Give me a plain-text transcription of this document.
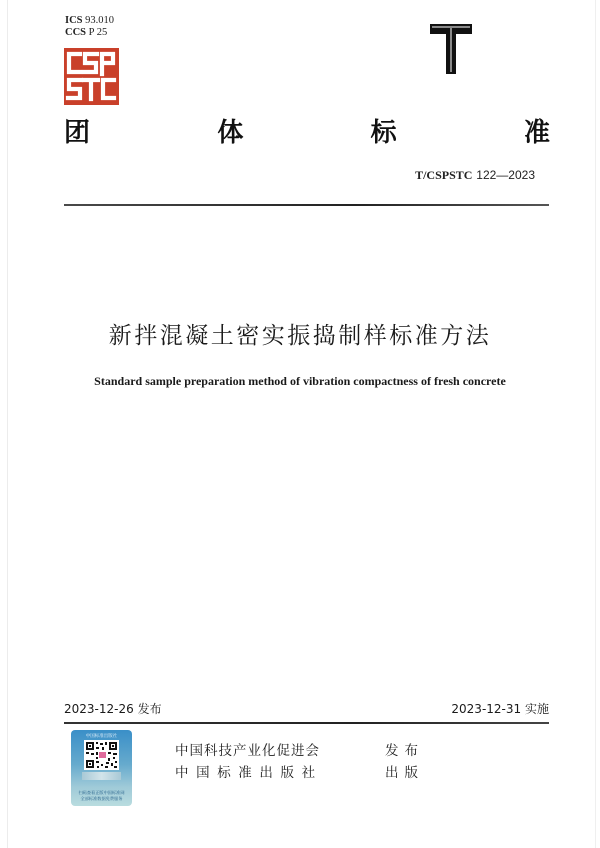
ICS 93.010
CCS P 25
团	体	标	准
T/CSPSTC 122—2023
新拌混凝土密实振捣制样标准方法
Standard sample preparation method of vibration compactness of fresh concrete
2023-12-26 发布	2023-12-31 实施
中国标准出版社
扫码查看正版中国标准网
全部标准数据免费服务
中国科技产业化促进会	发布
中国标准出版社	出版
